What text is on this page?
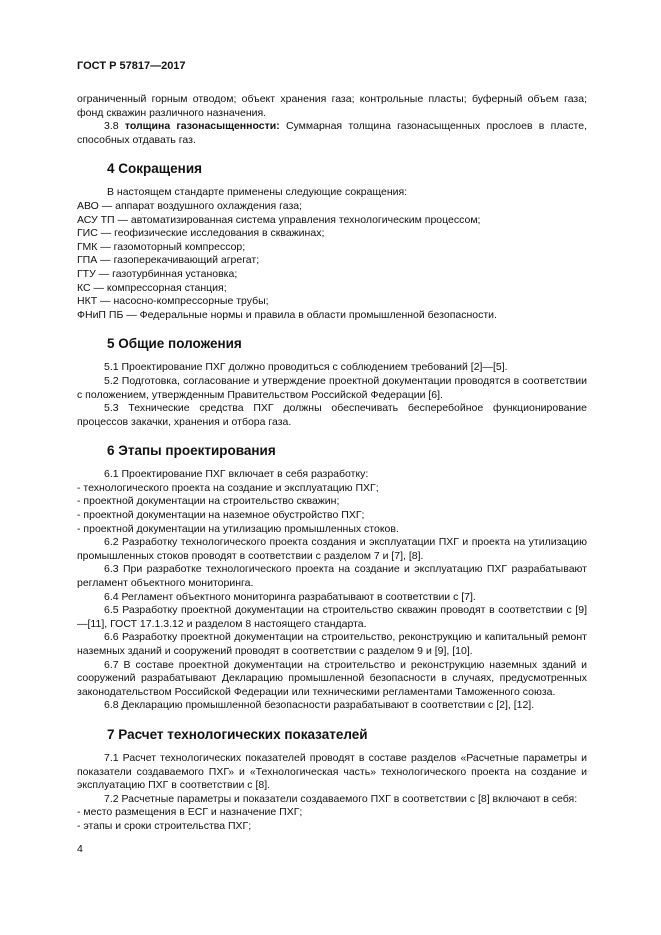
ГОСТ Р 57817—2017

ограниченный горным отводом; объект хранения газа; контрольные пласты; буферный объем газа; фонд скважин различного назначения.

3.8 толщина газонасыщенности: Суммарная толщина газонасыщенных прослоев в пласте, способных отдавать газ.

4 Сокращения

В настоящем стандарте применены следующие сокращения:

АВО — аппарат воздушного охлаждения газа;

АСУ ТП — автоматизированная система управления технологическим процессом;

ГИС — геофизические исследования в скважинах;

ГМК — газомоторный компрессор;

ГПА — газоперекачивающий агрегат;

ГТУ — газотурбинная установка;

КС — компрессорная станция;

НКТ — насосно-компрессорные трубы;

ФНиП ПБ — Федеральные нормы и правила в области промышленной безопасности.

5 Общие положения

5.1 Проектирование ПХГ должно проводиться с соблюдением требований [2]—[5].

5.2 Подготовка, согласование и утверждение проектной документации проводятся в соответствии с положением, утвержденным Правительством Российской Федерации [6].

5.3 Технические средства ПХГ должны обеспечивать бесперебойное функционирование процессов закачки, хранения и отбора газа.

6 Этапы проектирования

6.1 Проектирование ПХГ включает в себя разработку:

- технологического проекта на создание и эксплуатацию ПХГ;

- проектной документации на строительство скважин;

- проектной документации на наземное обустройство ПХГ;

- проектной документации на утилизацию промышленных стоков.

6.2 Разработку технологического проекта создания и эксплуатации ПХГ и проекта на утилизацию промышленных стоков проводят в соответствии с разделом 7 и [7], [8].

6.3 При разработке технологического проекта на создание и эксплуатацию ПХГ разрабатывают регламент объектного мониторинга.

6.4 Регламент объектного мониторинга разрабатывают в соответствии с [7].

6.5 Разработку проектной документации на строительство скважин проводят в соответствии с [9]—[11], ГОСТ 17.1.3.12 и разделом 8 настоящего стандарта.

6.6 Разработку проектной документации на строительство, реконструкцию и капитальный ремонт наземных зданий и сооружений проводят в соответствии с разделом 9 и [9], [10].

6.7 В составе проектной документации на строительство и реконструкцию наземных зданий и сооружений разрабатывают Декларацию промышленной безопасности в случаях, предусмотренных законодательством Российской Федерации или техническими регламентами Таможенного союза.

6.8 Декларацию промышленной безопасности разрабатывают в соответствии с [2], [12].

7 Расчет технологических показателей

7.1 Расчет технологических показателей проводят в составе разделов «Расчетные параметры и показатели создаваемого ПХГ» и «Технологическая часть» технологического проекта на создание и эксплуатацию ПХГ в соответствии с [8].

7.2 Расчетные параметры и показатели создаваемого ПХГ в соответствии с [8] включают в себя:

- место размещения в ЕСГ и назначение ПХГ;

- этапы и сроки строительства ПХГ;

4
